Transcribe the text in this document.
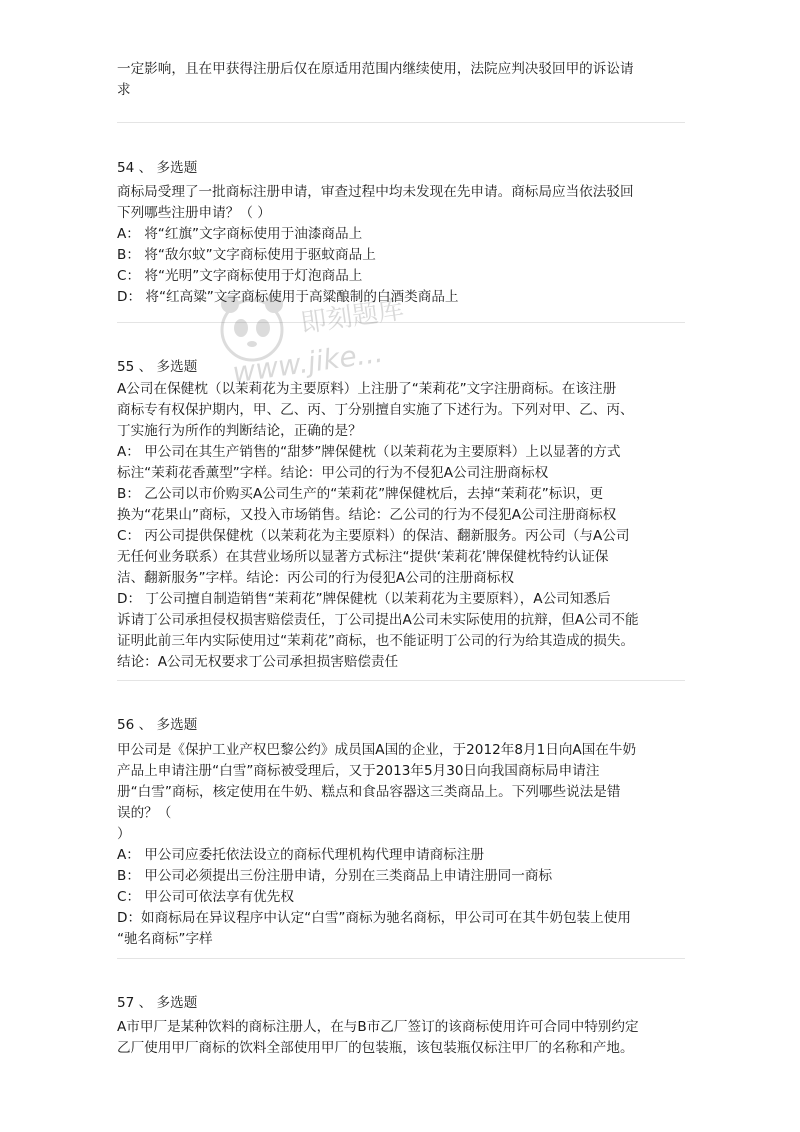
一定影响，且在甲获得注册后仅在原适用范围内继续使用，法院应判决驳回甲的诉讼请
求
54 、 多选题
商标局受理了一批商标注册申请，审查过程中均未发现在先申请。商标局应当依法驳回
下列哪些注册申请？（ ）
A： 将“红旗”文字商标使用于油漆商品上
B： 将“敌尔蚊”文字商标使用于驱蚊商品上
C： 将“光明”文字商标使用于灯泡商品上
D： 将“红高粱”文字商标使用于高粱酿制的白酒类商品上
55 、 多选题
A公司在保健枕（以茉莉花为主要原料）上注册了“茉莉花”文字注册商标。在该注册
商标专有权保护期内，甲、乙、丙、丁分别擅自实施了下述行为。下列对甲、乙、丙、
丁实施行为所作的判断结论，正确的是？
A： 甲公司在其生产销售的“甜梦”牌保健枕（以茉莉花为主要原料）上以显著的方式
标注“茉莉花香薰型”字样。结论：甲公司的行为不侵犯A公司注册商标权
B： 乙公司以市价购买A公司生产的“茉莉花”牌保健枕后，去掉“茉莉花”标识，更
换为“花果山”商标，又投入市场销售。结论：乙公司的行为不侵犯A公司注册商标权
C： 丙公司提供保健枕（以茉莉花为主要原料）的保洁、翻新服务。丙公司（与A公司
无任何业务联系）在其营业场所以显著方式标注“提供‘茉莉花’牌保健枕特约认证保
洁、翻新服务”字样。结论：丙公司的行为侵犯A公司的注册商标权
D： 丁公司擅自制造销售“茉莉花”牌保健枕（以茉莉花为主要原料），A公司知悉后
诉请丁公司承担侵权损害赔偿责任，丁公司提出A公司未实际使用的抗辩，但A公司不能
证明此前三年内实际使用过“茉莉花”商标，也不能证明丁公司的行为给其造成的损失。
结论：A公司无权要求丁公司承担损害赔偿责任
56 、 多选题
甲公司是《保护工业产权巴黎公约》成员国A国的企业，于2012年8月1日向A国在牛奶
产品上申请注册“白雪”商标被受理后，又于2013年5月30日向我国商标局申请注
册“白雪”商标，核定使用在牛奶、糕点和食品容器这三类商品上。下列哪些说法是错
误的？（
）
A： 甲公司应委托依法设立的商标代理机构代理申请商标注册
B： 甲公司必须提出三份注册申请，分别在三类商品上申请注册同一商标
C： 甲公司可依法享有优先权
D：如商标局在异议程序中认定“白雪”商标为驰名商标，甲公司可在其牛奶包装上使用
“驰名商标”字样
57 、 多选题
A市甲厂是某种饮料的商标注册人，在与B市乙厂签订的该商标使用许可合同中特别约定
乙厂使用甲厂商标的饮料全部使用甲厂的包装瓶，该包装瓶仅标注甲厂的名称和产地。
即刻题库
www.jike...
